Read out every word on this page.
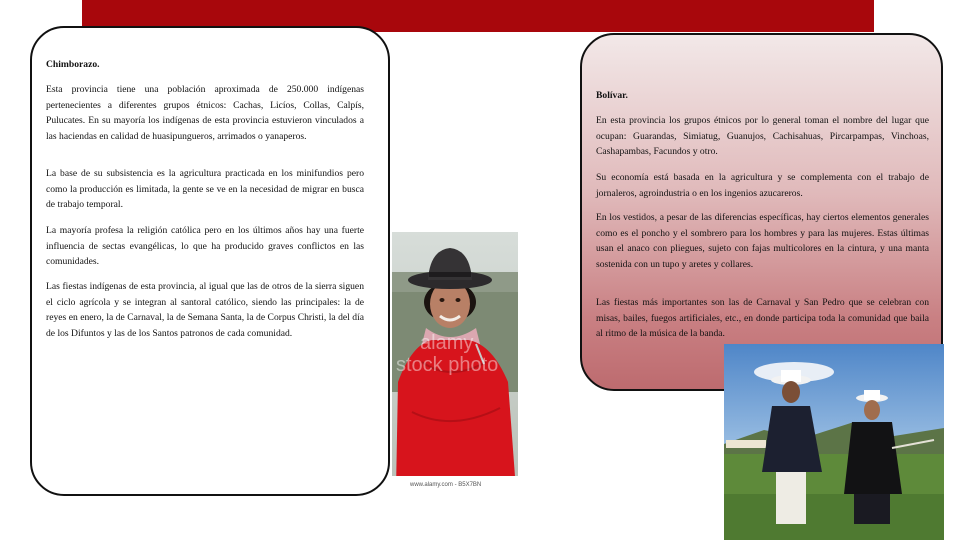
Chimborazo.

Esta provincia tiene una población aproximada de 250.000 indígenas pertenecientes a diferentes grupos étnicos: Cachas, Licíos, Collas, Calpís, Pulucates. En su mayoría los indígenas de esta provincia estuvieron vinculados a las haciendas en calidad de huasipungueros, arrimados o yanaperos.

La base de su subsistencia es la agricultura practicada en los minifundios pero como la producción es limitada, la gente se ve en la necesidad de migrar en busca de trabajo temporal.

La mayoría profesa la religión católica pero en los últimos años hay una fuerte influencia de sectas evangélicas, lo que ha producido graves conflictos en las comunidades.

Las fiestas indígenas de esta provincia, al igual que las de otros de la sierra siguen el ciclo agrícola y se integran al santoral católico, siendo las principales: la de reyes en enero, la de Carnaval, la de Semana Santa, la de Corpus Christi, la del día de los Difuntos y las de los Santos patronos de cada comunidad.

Bolívar.

En esta provincia los grupos étnicos por lo general toman el nombre del lugar que ocupan: Guarandas, Simiatug, Guanujos, Cachisahuas, Pircarpampas, Vinchoas, Cashapambas, Facundos y otro.

Su economía está basada en la agricultura y se complementa con el trabajo de jornaleros, agroindustria o en los ingenios azucareros.

En los vestidos, a pesar de las diferencias específicas, hay ciertos elementos generales como es el poncho y el sombrero para los hombres y para las mujeres. Estas últimas usan el anaco con pliegues, sujeto con fajas multicolores en la cintura, y una manta sostenida con un tupo y aretes y collares.

Las fiestas más importantes son las de Carnaval y San Pedro que se celebran con misas, bailes, fuegos artificiales, etc., en donde participa toda la comunidad que baila al ritmo de la música de la banda.

alamy
stock photo
www.alamy.com - B5X7BN
